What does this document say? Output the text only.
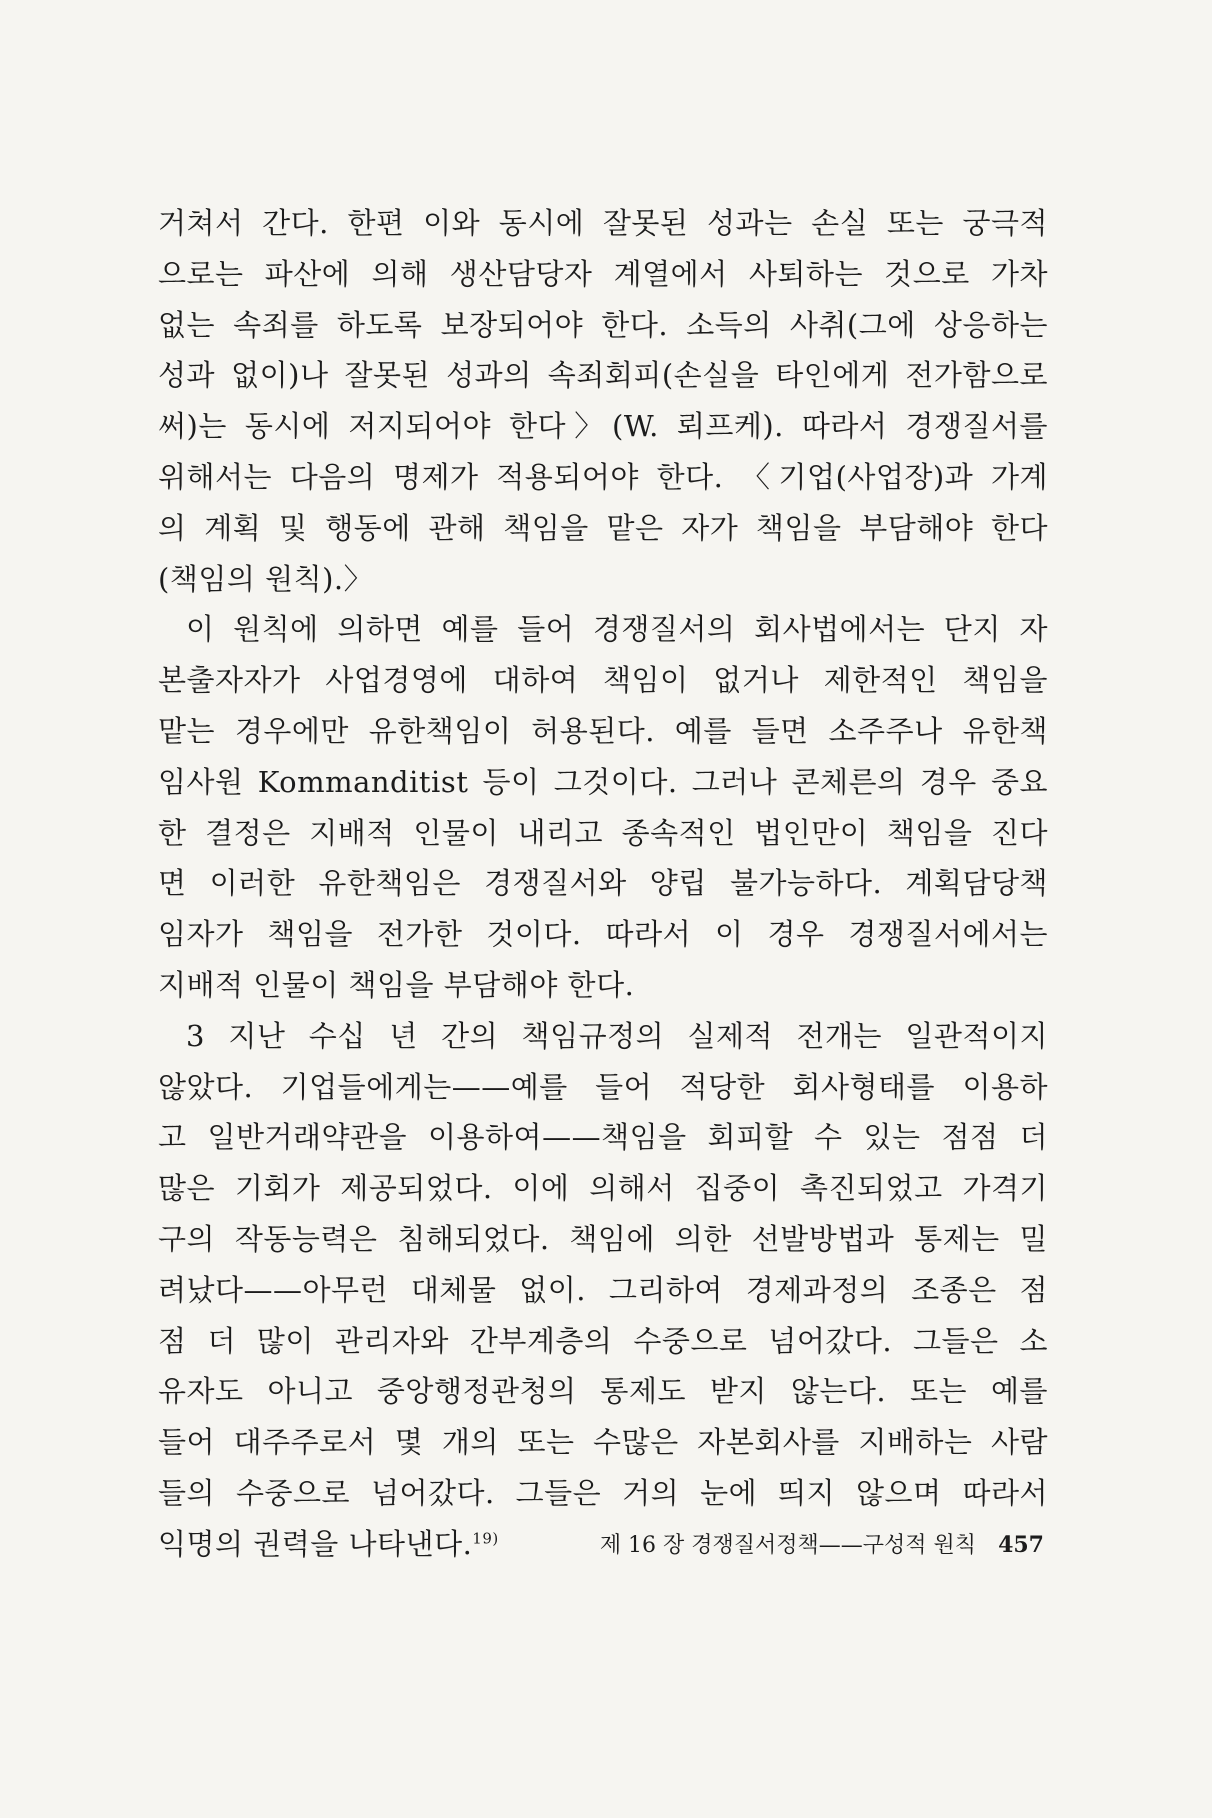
거쳐서 간다. 한편 이와 동시에 잘못된 성과는 손실 또는 궁극적
으로는 파산에 의해 생산담당자 계열에서 사퇴하는 것으로 가차
없는 속죄를 하도록 보장되어야 한다. 소득의 사취(그에 상응하는
성과 없이)나 잘못된 성과의 속죄회피(손실을 타인에게 전가함으로
써)는 동시에 저지되어야 한다〉(W. 뢰프케). 따라서 경쟁질서를
위해서는 다음의 명제가 적용되어야 한다. 〈기업(사업장)과 가계
의 계획 및 행동에 관해 책임을 맡은 자가 책임을 부담해야 한다
(책임의 원칙).〉
이 원칙에 의하면 예를 들어 경쟁질서의 회사법에서는 단지 자
본출자자가 사업경영에 대하여 책임이 없거나 제한적인 책임을
맡는 경우에만 유한책임이 허용된다. 예를 들면 소주주나 유한책
임사원 Kommanditist 등이 그것이다. 그러나 콘체른의 경우 중요
한 결정은 지배적 인물이 내리고 종속적인 법인만이 책임을 진다
면 이러한 유한책임은 경쟁질서와 양립 불가능하다. 계획담당책
임자가 책임을 전가한 것이다. 따라서 이 경우 경쟁질서에서는
지배적 인물이 책임을 부담해야 한다.
3 지난 수십 년 간의 책임규정의 실제적 전개는 일관적이지
않았다. 기업들에게는——예를 들어 적당한 회사형태를 이용하
고 일반거래약관을 이용하여——책임을 회피할 수 있는 점점 더
많은 기회가 제공되었다. 이에 의해서 집중이 촉진되었고 가격기
구의 작동능력은 침해되었다. 책임에 의한 선발방법과 통제는 밀
려났다——아무런 대체물 없이. 그리하여 경제과정의 조종은 점
점 더 많이 관리자와 간부계층의 수중으로 넘어갔다. 그들은 소
유자도 아니고 중앙행정관청의 통제도 받지 않는다. 또는 예를
들어 대주주로서 몇 개의 또는 수많은 자본회사를 지배하는 사람
들의 수중으로 넘어갔다. 그들은 거의 눈에 띄지 않으며 따라서
익명의 권력을 나타낸다.$^{19)}$	제 16 장 경쟁질서정책——구성적 원칙 457
